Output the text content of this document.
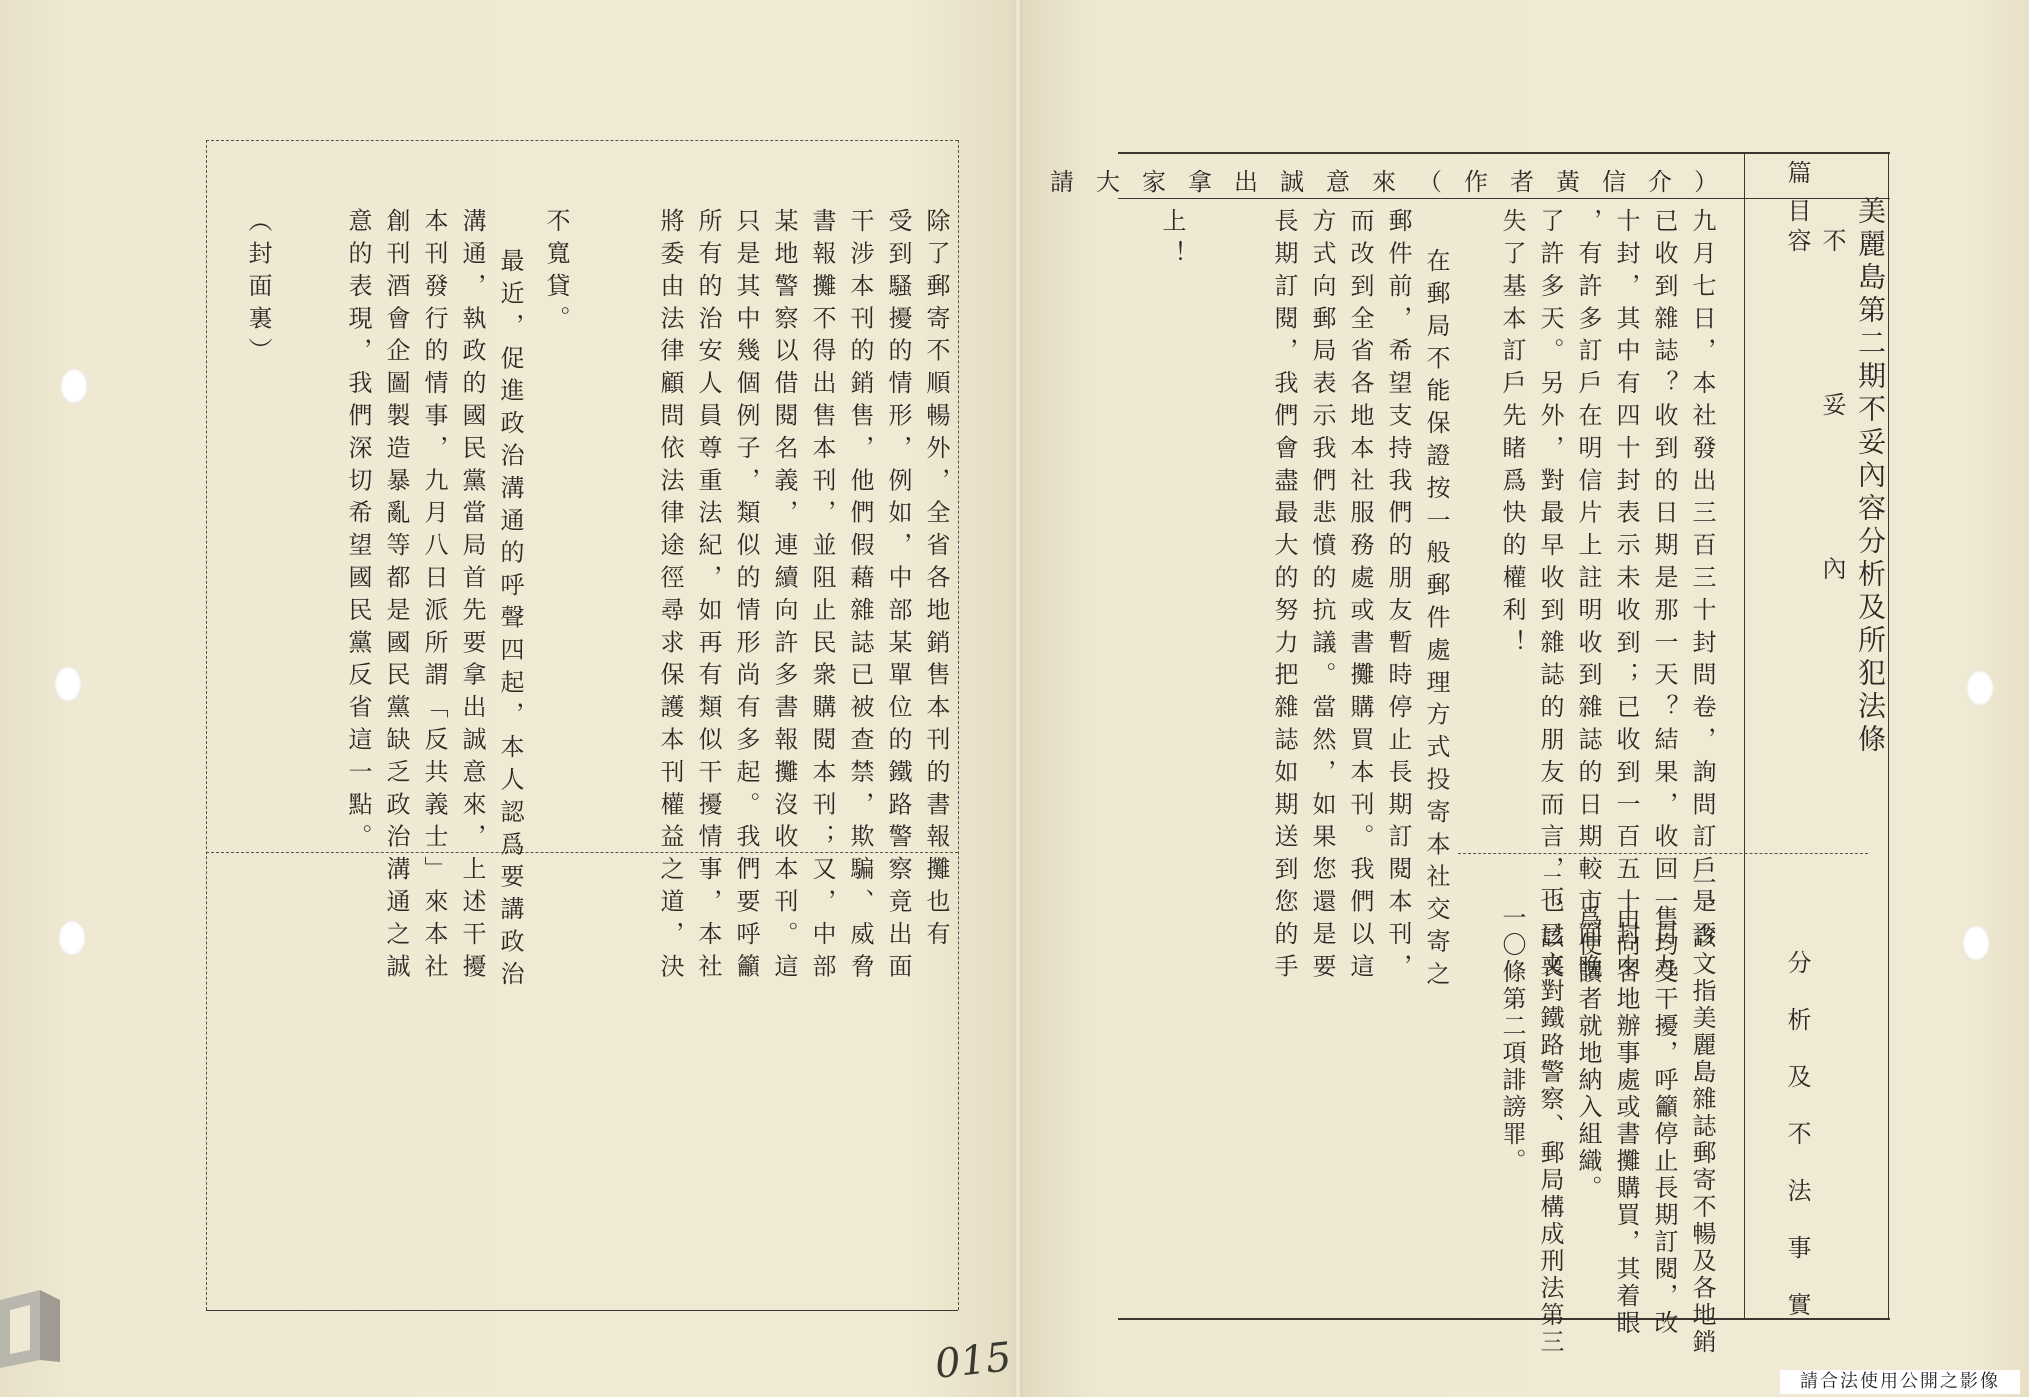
美麗島第二期不妥內容分析及所犯法條
篇目
不妥內容
分析及不法事實
請大家拿出誠意來（作者黃信介）
九月七日，本社發出三百三十封問卷，詢問訂戶是否
已收到雜誌？收到的日期是那一天？結果，收回一百九
十封，其中有四十封表示未收到；已收到一百五十封中
，有許多訂戶在明信片上註明收到雜誌的日期較市面晚
了許多天。另外，對最早收到雜誌的朋友而言，也已喪
失了基本訂戶先睹爲快的權利！
在郵局不能保證按一般郵件處理方式投寄本社交寄之
郵件前，希望支持我們的朋友暫時停止長期訂閱本刊，
而改到全省各地本社服務處或書攤購買本刊。我們以這
方式向郵局表示我們悲憤的抗議。當然，如果您還是要
長期訂閱，我們會盡最大的努力把雜誌如期送到您的手
上！
一、該文指美麗島雜誌郵寄不暢及各地銷
售均受干擾，呼籲停止長期訂閱，改
由向各地辦事處或書攤購買，其着眼
爲使讀者就地納入組織。
二、該文對鐵路警察、郵局構成刑法第三
一〇條第二項誹謗罪。
除了郵寄不順暢外，全省各地銷售本刊的書報攤也有
受到騷擾的情形，例如，中部某單位的鐵路警察竟出面
干涉本刊的銷售，他們假藉雜誌已被查禁，欺騙、威脅
書報攤不得出售本刊，並阻止民衆購閱本刊；又，中部
某地警察以借閱名義，連續向許多書報攤沒收本刊。這
只是其中幾個例子，類似的情形尚有多起。我們要呼籲
所有的治安人員尊重法紀，如再有類似干擾情事，本社
將委由法律顧問依法律途徑尋求保護本刊權益之道，決
不寬貸。
最近，促進政治溝通的呼聲四起，本人認爲要講政治
溝通，執政的國民黨當局首先要拿出誠意來，上述干擾
本刊發行的情事，九月八日派所謂「反共義士」來本社
創刊酒會企圖製造暴亂等都是國民黨缺乏政治溝通之誠
意的表現，我們深切希望國民黨反省這一點。
（封面裏）
015	請合法使用公開之影像
